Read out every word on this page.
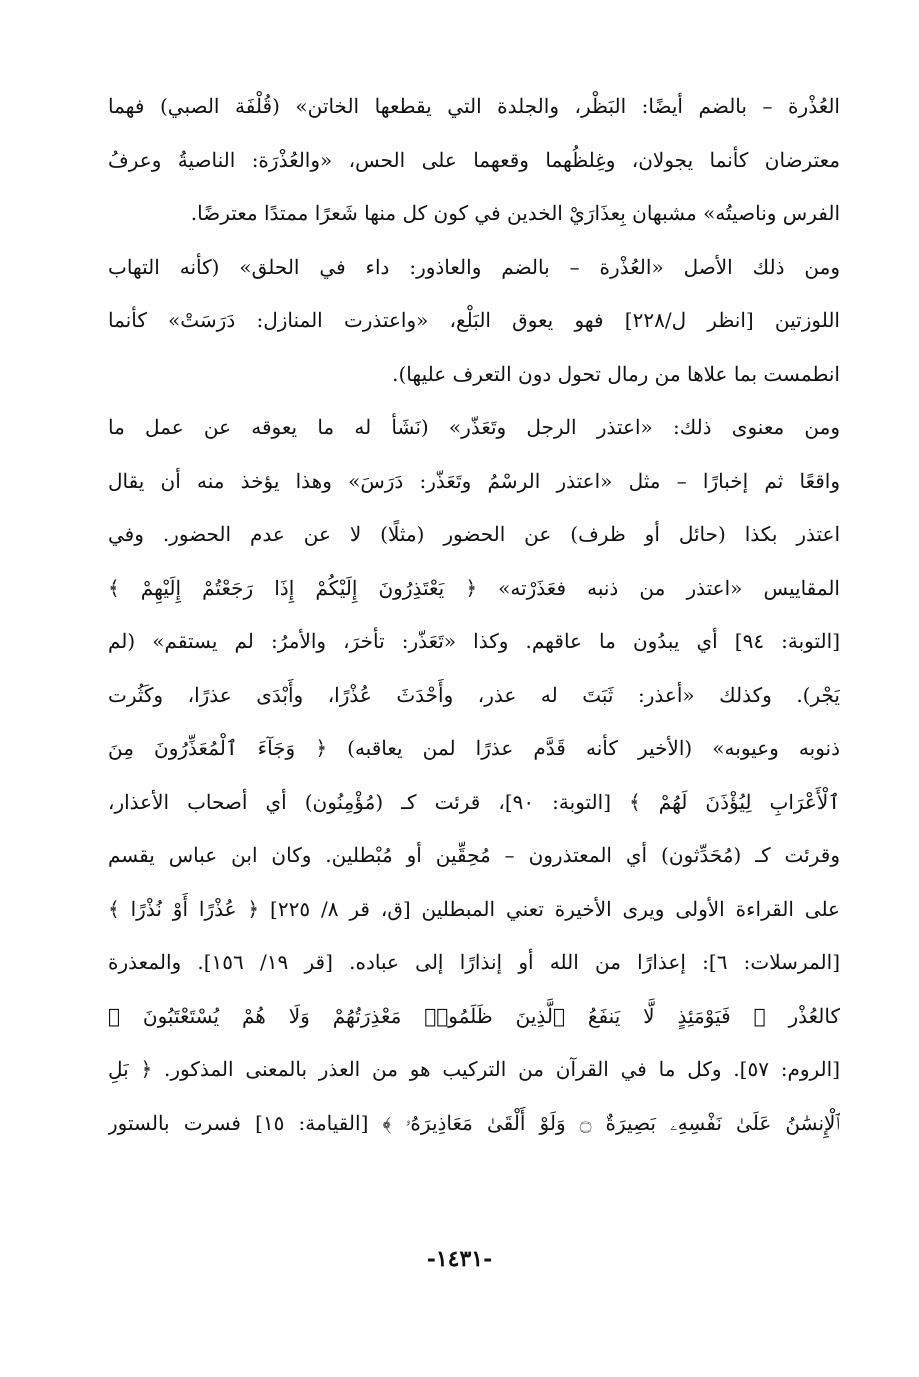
العُذْرة – بالضم أيضًا: البَظْر، والجلدة التي يقطعها الخاتن» (قُلْفَة الصبي) فهما
معترضان كأنما يجولان، وغِلظُهما وقعهما على الحس، «والعُذْرَة: الناصيةُ وعرفُ
الفرس وناصيتُه» مشبهان بِعذَارَيْ الخدين في كون كل منها شَعرًا ممتدًا معترضًا.
ومن ذلك الأصل «العُذْرة – بالضم والعاذور: داء في الحلق» (كأنه التهاب
اللوزتين [انظر ل/٢٢٨] فهو يعوق البَلْع، «واعتذرت المنازل: دَرَسَتْ» كأنما
انطمست بما علاها من رمال تحول دون التعرف عليها).
ومن معنوى ذلك: «اعتذر الرجل وتَعَذّر» (نَشَأ له ما يعوقه عن عمل ما
واقعًا ثم إخبارًا – مثل «اعتذر الرسْمُ وتَعَذّر: دَرَسَ» وهذا يؤخذ منه أن يقال
اعتذر بكذا (حائل أو ظرف) عن الحضور (مثلًا) لا عن عدم الحضور. وفي
المقاييس «اعتذر من ذنبه فعَذَرْته» ﴿ يَعْتَذِرُونَ إِلَيْكُمْ إِذَا رَجَعْتُمْ إِلَيْهِمْ ﴾
[التوبة: ٩٤] أي يبدُون ما عاقهم. وكذا «تَعَذّر: تأخرَ، والأمرُ: لم يستقم» (لم
يَجْر). وكذلك «أعذر: ثَبَتَ له عذر، وأَحْدَثَ عُذْرًا، وأَبْدَى عذرًا، وكَثُرت
ذنوبه وعيوبه» (الأخير كأنه قَدَّم عذرًا لمن يعاقبه) ﴿ وَجَآءَ ٱلْمُعَذِّرُونَ مِنَ
ٱلْأَعْرَابِ لِيُؤْذَنَ لَهُمْ ﴾ [التوبة: ٩٠]، قرئت كـ (مُؤْمِنُون) أي أصحاب الأعذار،
وقرئت كـ (مُحَدِّثون) أي المعتذرون – مُحِقِّين أو مُبْطلين. وكان ابن عباس يقسم
على القراءة الأولى ويرى الأخيرة تعني المبطلين [ق، قر ٨/ ٢٢٥] ﴿ عُذْرًا أَوْ نُذْرًا ﴾
[المرسلات: ٦]: إعذارًا من الله أو إنذارًا إلى عباده. [قر ١٩/ ١٥٦]. والمعذرة
كالعُذْر ﴿ فَيَوْمَئِذٍ لَّا يَنفَعُ ٱلَّذِينَ ظَلَمُوا۟ مَعْذِرَتُهُمْ وَلَا هُمْ يُسْتَعْتَبُونَ ﴾
[الروم: ٥٧]. وكل ما في القرآن من التركيب هو من العذر بالمعنى المذكور. ﴿ بَلِ
ٱلْإِنسَٰنُ عَلَىٰ نَفْسِهِۦ بَصِيرَةٌ ۝ وَلَوْ أَلْقَىٰ مَعَاذِيرَهُۥ ﴾ [القيامة: ١٥] فسرت بالستور
-١٤٣١-
